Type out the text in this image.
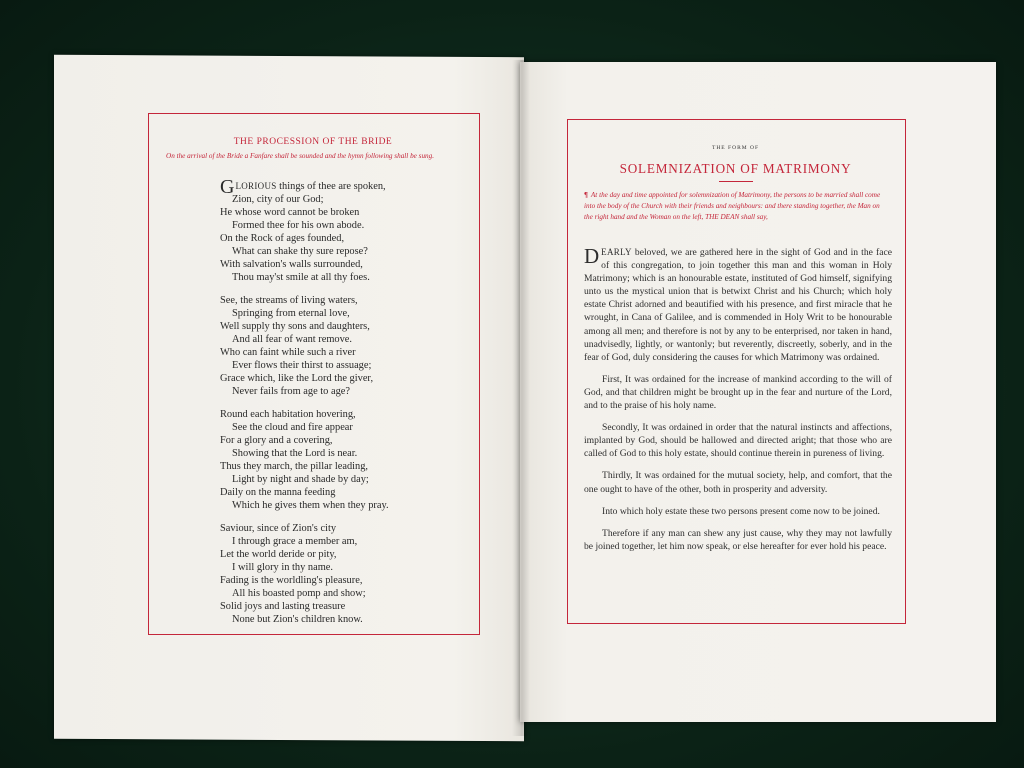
THE PROCESSION OF THE BRIDE
On the arrival of the Bride a Fanfare shall be sounded and the hymn following shall be sung.
GLORIOUS things of thee are spoken,
Zion, city of our God;
He whose word cannot be broken
Formed thee for his own abode.
On the Rock of ages founded,
What can shake thy sure repose?
With salvation's walls surrounded,
Thou may'st smile at all thy foes.
See, the streams of living waters,
Springing from eternal love,
Well supply thy sons and daughters,
And all fear of want remove.
Who can faint while such a river
Ever flows their thirst to assuage;
Grace which, like the Lord the giver,
Never fails from age to age?
Round each habitation hovering,
See the cloud and fire appear
For a glory and a covering,
Showing that the Lord is near.
Thus they march, the pillar leading,
Light by night and shade by day;
Daily on the manna feeding
Which he gives them when they pray.
Saviour, since of Zion's city
I through grace a member am,
Let the world deride or pity,
I will glory in thy name.
Fading is the worldling's pleasure,
All his boasted pomp and show;
Solid joys and lasting treasure
None but Zion's children know.
THE FORM OF
SOLEMNIZATION OF MATRIMONY
¶ At the day and time appointed for solemnization of Matrimony, the persons to be married shall come into the body of the Church with their friends and neighbours: and there standing together, the Man on the right hand and the Woman on the left, THE DEAN shall say,

DEARLY beloved, we are gathered here in the sight of God and in the face of this congregation, to join together this man and this woman in Holy Matrimony; which is an honourable estate, instituted of God himself, signifying unto us the mystical union that is betwixt Christ and his Church; which holy estate Christ adorned and beautified with his presence, and first miracle that he wrought, in Cana of Galilee, and is commended in Holy Writ to be honourable among all men; and therefore is not by any to be enterprised, nor taken in hand, unadvisedly, lightly, or wantonly; but reverently, discreetly, soberly, and in the fear of God, duly considering the causes for which Matrimony was ordained.

First, It was ordained for the increase of mankind according to the will of God, and that children might be brought up in the fear and nurture of the Lord, and to the praise of his holy name.

Secondly, It was ordained in order that the natural instincts and affections, implanted by God, should be hallowed and directed aright; that those who are called of God to this holy estate, should continue therein in pureness of living.

Thirdly, It was ordained for the mutual society, help, and comfort, that the one ought to have of the other, both in prosperity and adversity.

Into which holy estate these two persons present come now to be joined.

Therefore if any man can shew any just cause, why they may not lawfully be joined together, let him now speak, or else hereafter for ever hold his peace.
